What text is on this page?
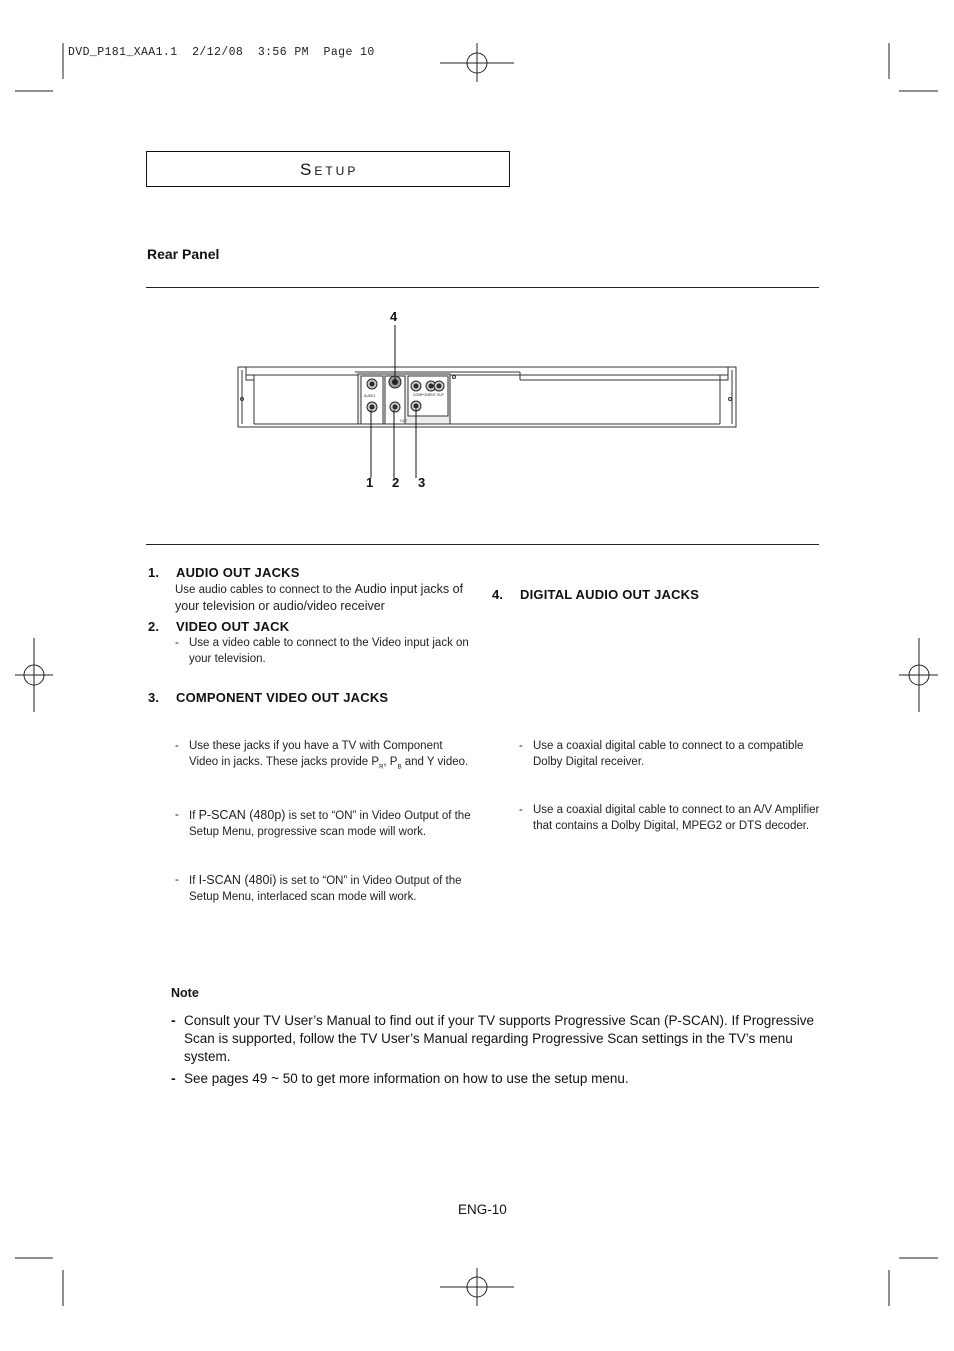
DVD_P181_XAA1.1  2/12/08  3:56 PM  Page 10
SETUP
Rear Panel
AUDIO	COMPONENT OUT
OUT
4
1 2 3
1. AUDIO OUT JACKS
Use audio cables to connect to the Audio input jacks of
your television or audio/video receiver
2. VIDEO OUT JACK
- Use a video cable to connect to the Video input jack on your television.
3. COMPONENT VIDEO OUT JACKS
- Use these jacks if you have a TV with Component
Video in jacks. These jacks provide $P_R$, $P_B$ and Y video.
- If P-SCAN (480p) is set to “ON” in Video Output of the Setup Menu, progressive scan mode will work.
- If I-SCAN (480i) is set to “ON” in Video Output of the Setup Menu, interlaced scan mode will work.
4. DIGITAL AUDIO OUT JACKS
- Use a coaxial digital cable to connect to a compatible Dolby Digital receiver.
- Use a coaxial digital cable to connect to an A/V Amplifier that contains a Dolby Digital, MPEG2 or DTS decoder.
Note
- Consult your TV User’s Manual to find out if your TV supports Progressive Scan (P-SCAN). If Progressive Scan is supported, follow the TV User’s Manual regarding Progressive Scan settings in the TV’s menu system.
- See pages 49 ~ 50 to get more information on how to use the setup menu.
ENG-10
